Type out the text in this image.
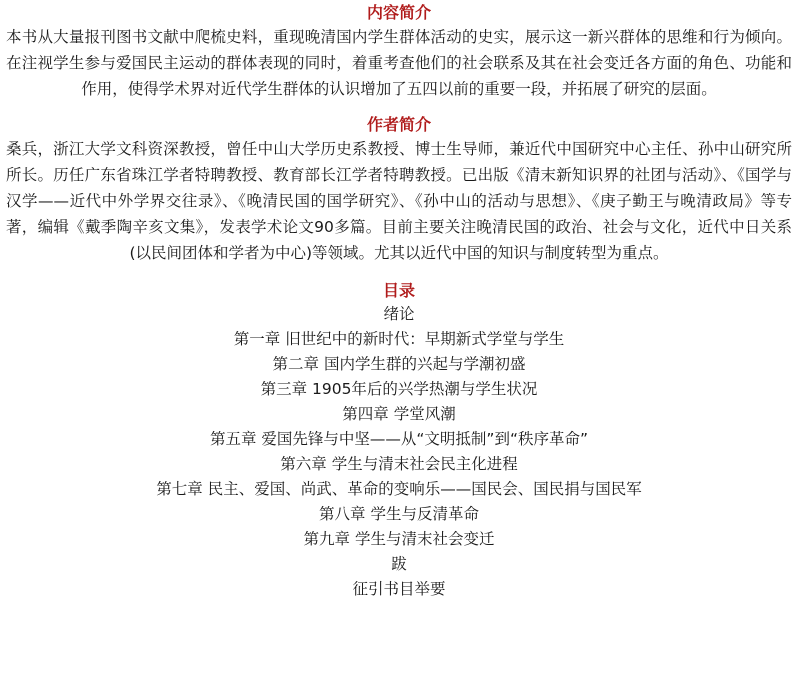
内容简介

本书从大量报刊图书文献中爬梳史料，重现晚清国内学生群体活动的史实，展示这一新兴群体的思维和行为倾向。在注视学生参与爱国民主运动的群体表现的同时，着重考查他们的社会联系及其在社会变迁各方面的角色、功能和作用，使得学术界对近代学生群体的认识增加了五四以前的重要一段，并拓展了研究的层面。

作者简介

桑兵，浙江大学文科资深教授，曾任中山大学历史系教授、博士生导师，兼近代中国研究中心主任、孙中山研究所所长。历任广东省珠江学者特聘教授、教育部长江学者特聘教授。已出版《清末新知识界的社团与活动》、《国学与汉学——近代中外学界交往录》、《晚清民国的国学研究》、《孙中山的活动与思想》、《庚子勤王与晚清政局》等专著，编辑《戴季陶辛亥文集》，发表学术论文90多篇。目前主要关注晚清民国的政治、社会与文化，近代中日关系(以民间团体和学者为中心)等领域。尤其以近代中国的知识与制度转型为重点。

目录
绪论
第一章 旧世纪中的新时代：早期新式学堂与学生
第二章 国内学生群的兴起与学潮初盛
第三章 1905年后的兴学热潮与学生状况
第四章 学堂风潮
第五章 爱国先锋与中坚——从“文明抵制”到“秩序革命”
第六章 学生与清末社会民主化进程
第七章 民主、爱国、尚武、革命的变响乐——国民会、国民捐与国民军
第八章 学生与反清革命
第九章 学生与清末社会变迁
跋
征引书目举要
